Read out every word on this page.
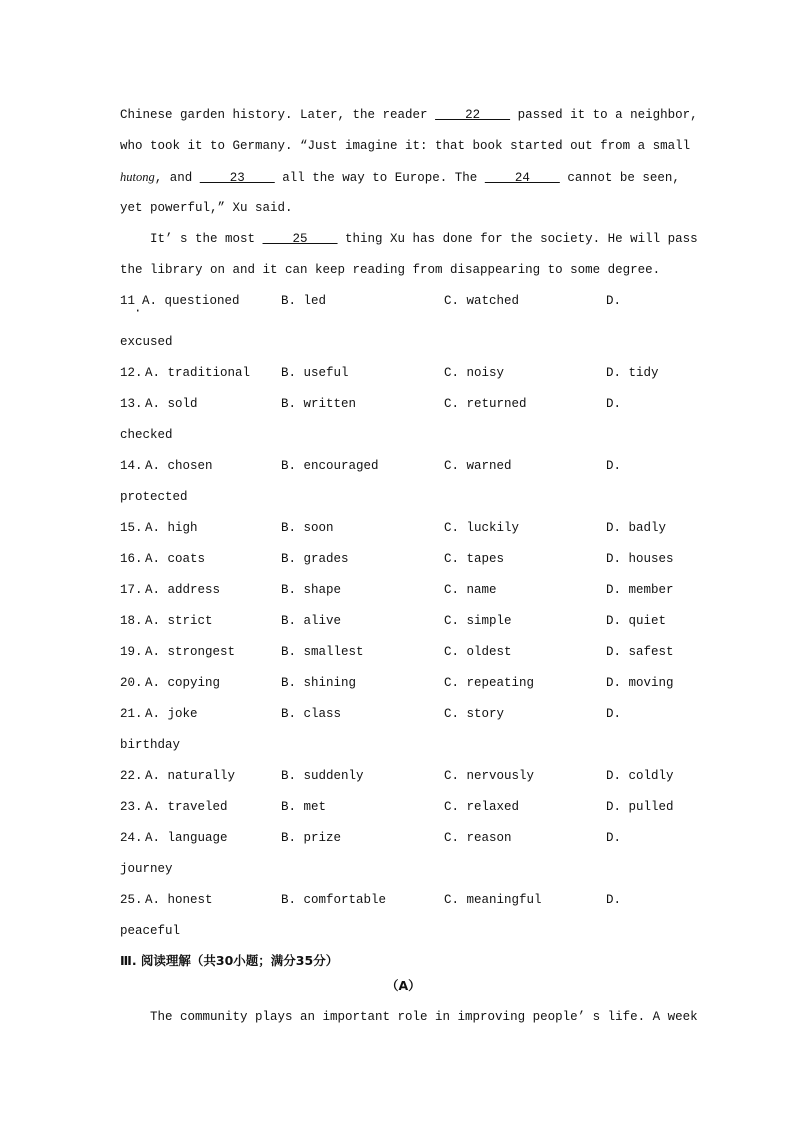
Chinese garden history. Later, the reader     22     passed it to a neighbor,
who took it to Germany. “Just imagine it: that book started out from a small
hutong, and     23     all the way to Europe. The     24     cannot be seen,
yet powerful,” Xu said.
It’ s the most     25     thing Xu has done for the society. He will pass
the library on and it can keep reading from disappearing to some degree.
11 A. questioned	B. led	C. watched	D.
·
excused
12. A. traditional B. useful	C. noisy	D. tidy
13. A. sold	B. written	C. returned	D.
checked
14. A. chosen	B. encouraged	C. warned	D.
protected
15. A. high	B. soon	C. luckily	D. badly
16. A. coats	B. grades	C. tapes	D. houses
17. A. address	B. shape	C. name	D. member
18. A. strict	B. alive	C. simple	D. quiet
19. A. strongest	B. smallest	C. oldest	D. safest
20. A. copying	B. shining	C. repeating	D. moving
21. A. joke	B. class	C. story	D.
birthday
22. A. naturally	B. suddenly	C. nervously	D. coldly
23. A. traveled	B. met	C. relaxed	D. pulled
24. A. language	B. prize	C. reason	D.
journey
25. A. honest	B. comfortable	C. meaningful	D.
peaceful
Ⅲ. 阅读理解（共30小题；满分35分）
（A）
The community plays an important role in improving people’ s life. A week
